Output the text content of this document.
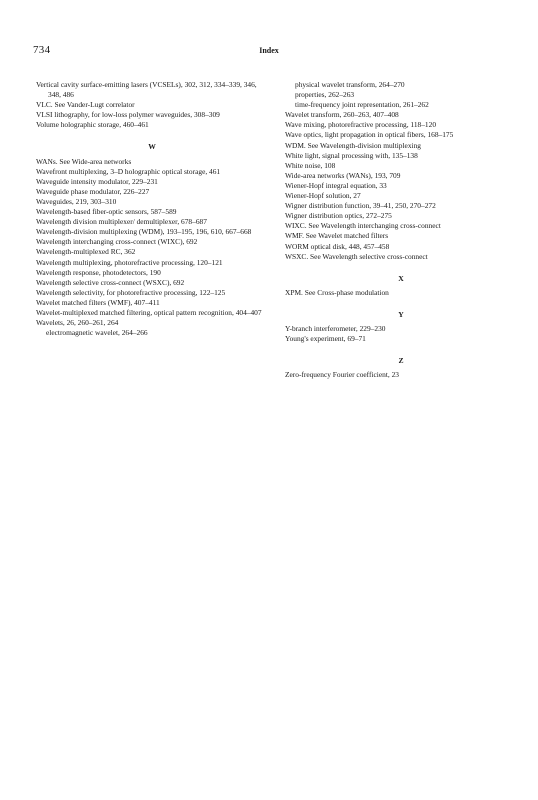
734	Index
Vertical cavity surface-emitting lasers (VCSELs), 302, 312, 334–339, 346, 348, 486
VLC. See Vander-Lugt correlator
VLSI lithography, for low-loss polymer waveguides, 308–309
Volume holographic storage, 460–461
W
WANs. See Wide-area networks
Wavefront multiplexing, 3–D holographic optical storage, 461
Waveguide intensity modulator, 229–231
Waveguide phase modulator, 226–227
Waveguides, 219, 303–310
Wavelength-based fiber-optic sensors, 587–589
Wavelength division multiplexer/ demultiplexer, 678–687
Wavelength-division multiplexing (WDM), 193–195, 196, 610, 667–668
Wavelength interchanging cross-connect (WIXC), 692
Wavelength-multiplexed RC, 362
Wavelength multiplexing, photorefractive processing, 120–121
Wavelength response, photodetectors, 190
Wavelength selective cross-connect (WSXC), 692
Wavelength selectivity, for photorefractive processing, 122–125
Wavelet matched filters (WMF), 407–411
Wavelet-multiplexed matched filtering, optical pattern recognition, 404–407
Wavelets, 26, 260–261, 264
electromagnetic wavelet, 264–266
physical wavelet transform, 264–270
properties, 262–263
time-frequency joint representation, 261–262
Wavelet transform, 260–263, 407–408
Wave mixing, photorefractive processing, 118–120
Wave optics, light propagation in optical fibers, 168–175
WDM. See Wavelength-division multiplexing
White light, signal processing with, 135–138
White noise, 108
Wide-area networks (WANs), 193, 709
Wiener-Hopf integral equation, 33
Wiener-Hopf solution, 27
Wigner distribution function, 39–41, 250, 270–272
Wigner distribution optics, 272–275
WIXC. See Wavelength interchanging cross-connect
WMF. See Wavelet matched filters
WORM optical disk, 448, 457–458
WSXC. See Wavelength selective cross-connect
X
XPM. See Cross-phase modulation
Y
Y-branch interferometer, 229–230
Young's experiment, 69–71
Z
Zero-frequency Fourier coefficient, 23
